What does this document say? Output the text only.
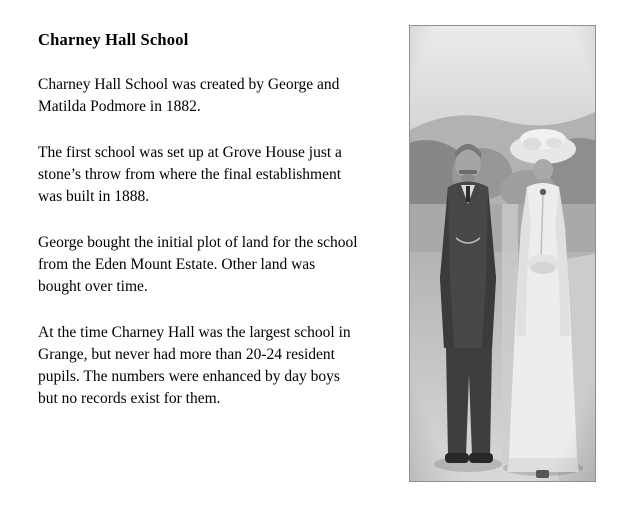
Charney Hall School

Charney Hall School was created by George and Matilda Podmore in 1882.

The first school was set up at Grove House just a stone’s throw from where the final establishment was built in 1888.

George bought the initial plot of land for the school from the Eden Mount Estate. Other land was bought over time.

At the time Charney Hall was the largest school in Grange, but never had more than 20-24 resident pupils. The numbers were enhanced by day boys but no records exist for them.
